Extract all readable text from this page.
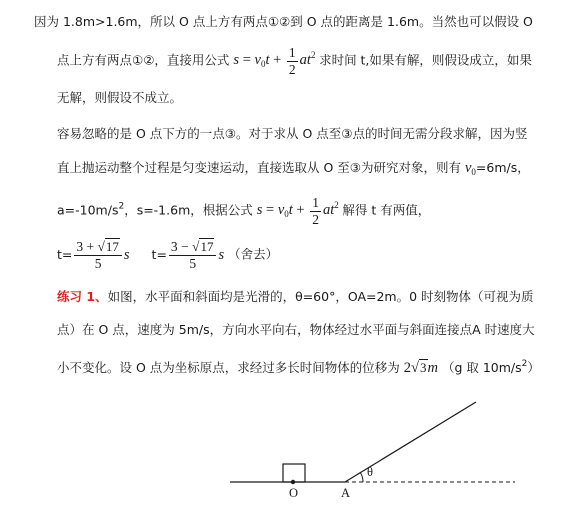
因为 1.8m>1.6m，所以 O 点上方有两点①②到 O 点的距离是 1.6m。当然也可以假设 O
点上方有两点①②，直接用公式 $s = v_0t + \frac{1}{2} at^2$ 求时间 t,如果有解，则假设成立，如果
无解，则假设不成立。
容易忽略的是 O 点下方的一点③。对于求从 O 点至③点的时间无需分段求解，因为竖
直上抛运动整个过程是匀变速运动，直接选取从 O 至③为研究对象，则有 $v_0=6m/s$，
$a=-10m/s^2$，s=-1.6m，根据公式 $s = v_0t + \frac{1}{2} at^2$ 解得 t 有两值，
$t= \frac{3 + √17}{5}$ s $t= \frac{3 - √17}{5}$ s （舍去）
练习 1、如图，水平面和斜面均是光滑的，θ=60°，OA=2m。0 时刻物体（可视为质
点）在 O 点，速度为 5m/s，方向水平向右，物体经过水平面与斜面连接点A 时速度大
小不变化。设 O 点为坐标原点，求经过多长时间物体的位移为 2√3m （g 取 $10m/s^2$）
O	A
θ
